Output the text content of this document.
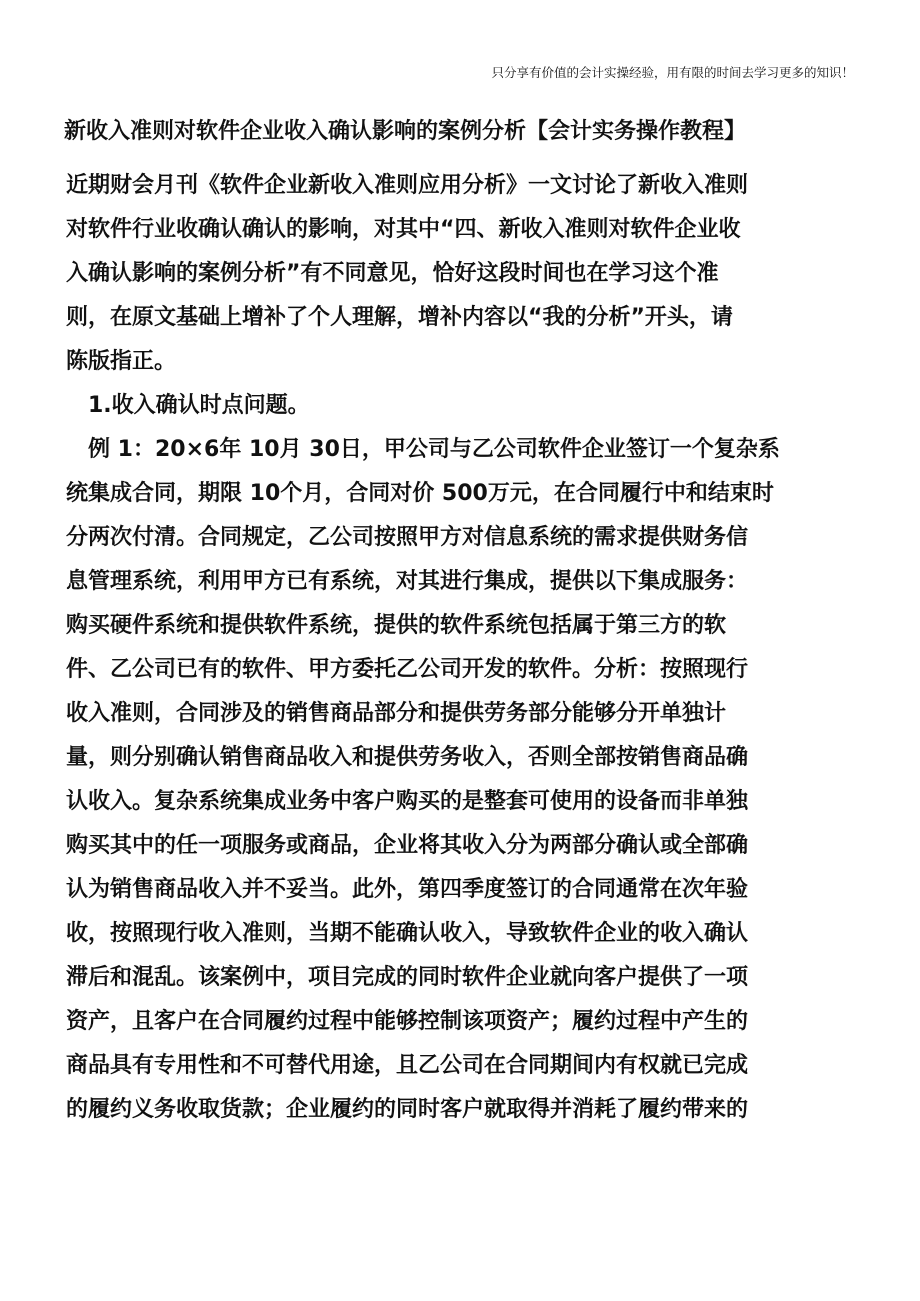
只分享有价值的会计实操经验，用有限的时间去学习更多的知识！
新收入准则对软件企业收入确认影响的案例分析【会计实务操作教程】

近期财会月刊《软件企业新收入准则应用分析》一文讨论了新收入准则
对软件行业收确认确认的影响，对其中“四、新收入准则对软件企业收
入确认影响的案例分析”有不同意见，恰好这段时间也在学习这个准
则，在原文基础上增补了个人理解，增补内容以“我的分析”开头，请
陈版指正。

1.收入确认时点问题。

例 1：20×6年 10月 30日，甲公司与乙公司软件企业签订一个复杂系
统集成合同，期限 10个月，合同对价 500万元，在合同履行中和结束时
分两次付清。合同规定，乙公司按照甲方对信息系统的需求提供财务信
息管理系统，利用甲方已有系统，对其进行集成，提供以下集成服务：
购买硬件系统和提供软件系统，提供的软件系统包括属于第三方的软
件、乙公司已有的软件、甲方委托乙公司开发的软件。分析：按照现行
收入准则，合同涉及的销售商品部分和提供劳务部分能够分开单独计
量，则分别确认销售商品收入和提供劳务收入，否则全部按销售商品确
认收入。复杂系统集成业务中客户购买的是整套可使用的设备而非单独
购买其中的任一项服务或商品，企业将其收入分为两部分确认或全部确
认为销售商品收入并不妥当。此外，第四季度签订的合同通常在次年验
收，按照现行收入准则，当期不能确认收入，导致软件企业的收入确认
滞后和混乱。该案例中，项目完成的同时软件企业就向客户提供了一项
资产，且客户在合同履约过程中能够控制该项资产；履约过程中产生的
商品具有专用性和不可替代用途，且乙公司在合同期间内有权就已完成
的履约义务收取货款；企业履约的同时客户就取得并消耗了履约带来的
